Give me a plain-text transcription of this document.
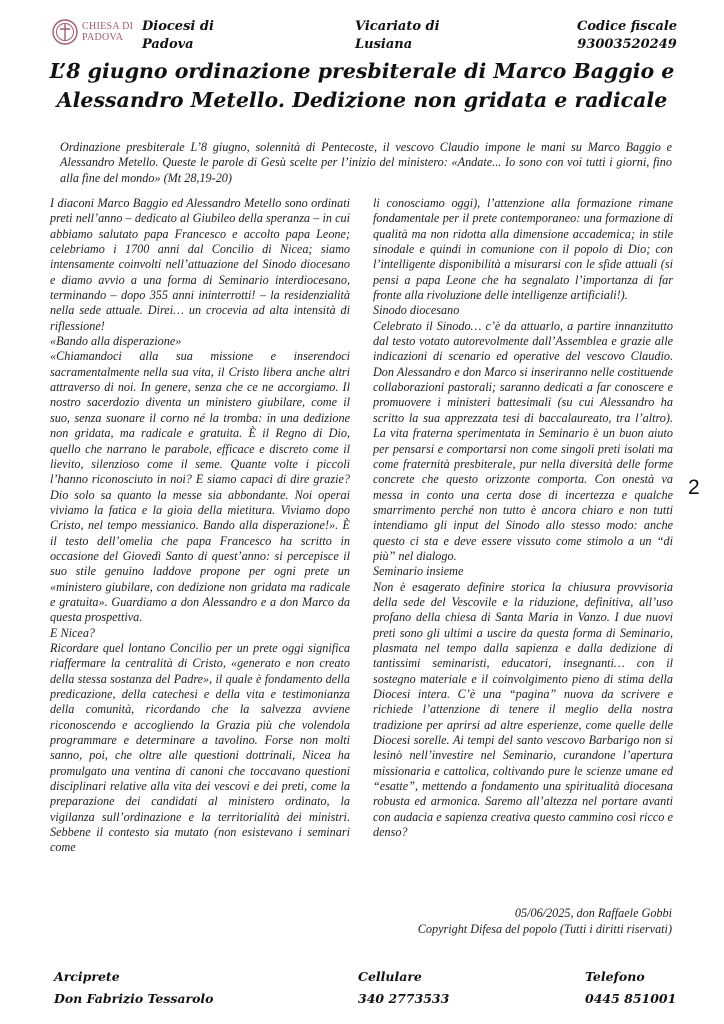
CHIESA DI
PADOVA
Diocesi di
Padova
Vicariato di
Lusiana
Codice fiscale
93003520249
L’8 giugno ordinazione presbiterale di Marco Baggio e Alessandro Metello. Dedizione non gridata e radicale

Ordinazione presbiterale L’8 giugno, solennità di Pentecoste, il vescovo Claudio impone le mani su Marco Baggio e Alessandro Metello. Queste le parole di Gesù scelte per l’inizio del ministero: «Andate... Io sono con voi tutti i giorni, fino alla fine del mondo» (Mt 28,19-20)

I diaconi Marco Baggio ed Alessandro Metello sono ordinati preti nell’anno – dedicato al Giubileo della speranza – in cui abbiamo salutato papa Francesco e accolto papa Leone; celebriamo i 1700 anni dal Concilio di Nicea; siamo intensamente coinvolti nell’attuazione del Sinodo diocesano e diamo avvio a una forma di Seminario interdiocesano, terminando – dopo 355 anni ininterrotti! – la residenzialità nella sede attuale. Direi… un crocevia ad alta intensità di riflessione!

«Bando alla disperazione»

«Chiamandoci alla sua missione e inserendoci sacramentalmente nella sua vita, il Cristo libera anche altri attraverso di noi. In genere, senza che ce ne accorgiamo. Il nostro sacerdozio diventa un ministero giubilare, come il suo, senza suonare il corno né la tromba: in una dedizione non gridata, ma radicale e gratuita. È il Regno di Dio, quello che narrano le parabole, efficace e discreto come il lievito, silenzioso come il seme. Quante volte i piccoli l’hanno riconosciuto in noi? E siamo capaci di dire grazie? Dio solo sa quanto la messe sia abbondante. Noi operai viviamo la fatica e la gioia della mietitura. Viviamo dopo Cristo, nel tempo messianico. Bando alla disperazione!». È il testo dell’omelia che papa Francesco ha scritto in occasione del Giovedì Santo di quest’anno: si percepisce il suo stile genuino laddove propone per ogni prete un «ministero giubilare, con dedizione non gridata ma radicale e gratuita». Guardiamo a don Alessandro e a don Marco da questa prospettiva.

E Nicea?

Ricordare quel lontano Concilio per un prete oggi significa riaffermare la centralità di Cristo, «generato e non creato della stessa sostanza del Padre», il quale è fondamento della predicazione, della catechesi e della vita e testimonianza della comunità, ricordando che la salvezza avviene riconoscendo e accogliendo la Grazia più che volendola programmare e determinare a tavolino. Forse non molti sanno, poi, che oltre alle questioni dottrinali, Nicea ha promulgato una ventina di canoni che toccavano questioni disciplinari relative alla vita dei vescovi e dei preti, come la preparazione dei candidati al ministero ordinato, la vigilanza sull’ordinazione e la territorialità dei ministri. Sebbene il contesto sia mutato (non esistevano i seminari come

li conosciamo oggi), l’attenzione alla formazione rimane fondamentale per il prete contemporaneo: una formazione di qualità ma non ridotta alla dimensione accademica; in stile sinodale e quindi in comunione con il popolo di Dio; con l’intelligente disponibilità a misurarsi con le sfide attuali (si pensi a papa Leone che ha segnalato l’importanza di far fronte alla rivoluzione delle intelligenze artificiali!).

Sinodo diocesano

Celebrato il Sinodo… c’è da attuarlo, a partire innanzitutto dal testo votato autorevolmente dall’Assemblea e grazie alle indicazioni di scenario ed operative del vescovo Claudio. Don Alessandro e don Marco si inseriranno nelle costituende collaborazioni pastorali; saranno dedicati a far conoscere e promuovere i ministeri battesimali (su cui Alessandro ha scritto la sua apprezzata tesi di baccalaureato, tra l’altro). La vita fraterna sperimentata in Seminario è un buon aiuto per pensarsi e comportarsi non come singoli preti isolati ma come fraternità presbiterale, pur nella diversità delle forme concrete che questo orizzonte comporta. Con onestà va messa in conto una certa dose di incertezza e qualche smarrimento perché non tutto è ancora chiaro e non tutti intendiamo gli input del Sinodo allo stesso modo: anche questo ci sta e deve essere vissuto come stimolo a un “di più” nel dialogo.

Seminario insieme

Non è esagerato definire storica la chiusura provvisoria della sede del Vescovile e la riduzione, definitiva, all’uso profano della chiesa di Santa Maria in Vanzo. I due nuovi preti sono gli ultimi a uscire da questa forma di Seminario, plasmata nel tempo dalla sapienza e dalla dedizione di tantissimi seminaristi, educatori, insegnanti… con il sostegno materiale e il coinvolgimento pieno di stima della Diocesi intera. C’è una “pagina” nuova da scrivere e richiede l’attenzione di tenere il meglio della nostra tradizione per aprirsi ad altre esperienze, come quelle delle Diocesi sorelle. Ai tempi del santo vescovo Barbarigo non si lesinò nell’investire nel Seminario, curandone l’apertura missionaria e cattolica, coltivando pure le scienze umane ed “esatte”, mettendo a fondamento una spiritualità diocesana robusta ed armonica. Saremo all’altezza nel portare avanti con audacia e sapienza creativa questo cammino così ricco e denso?

2
05/06/2025, don Raffaele Gobbi
Copyright Difesa del popolo (Tutti i diritti riservati)
Arciprete
Don Fabrizio Tessarolo
Cellulare
340 2773533
Telefono
0445 851001
